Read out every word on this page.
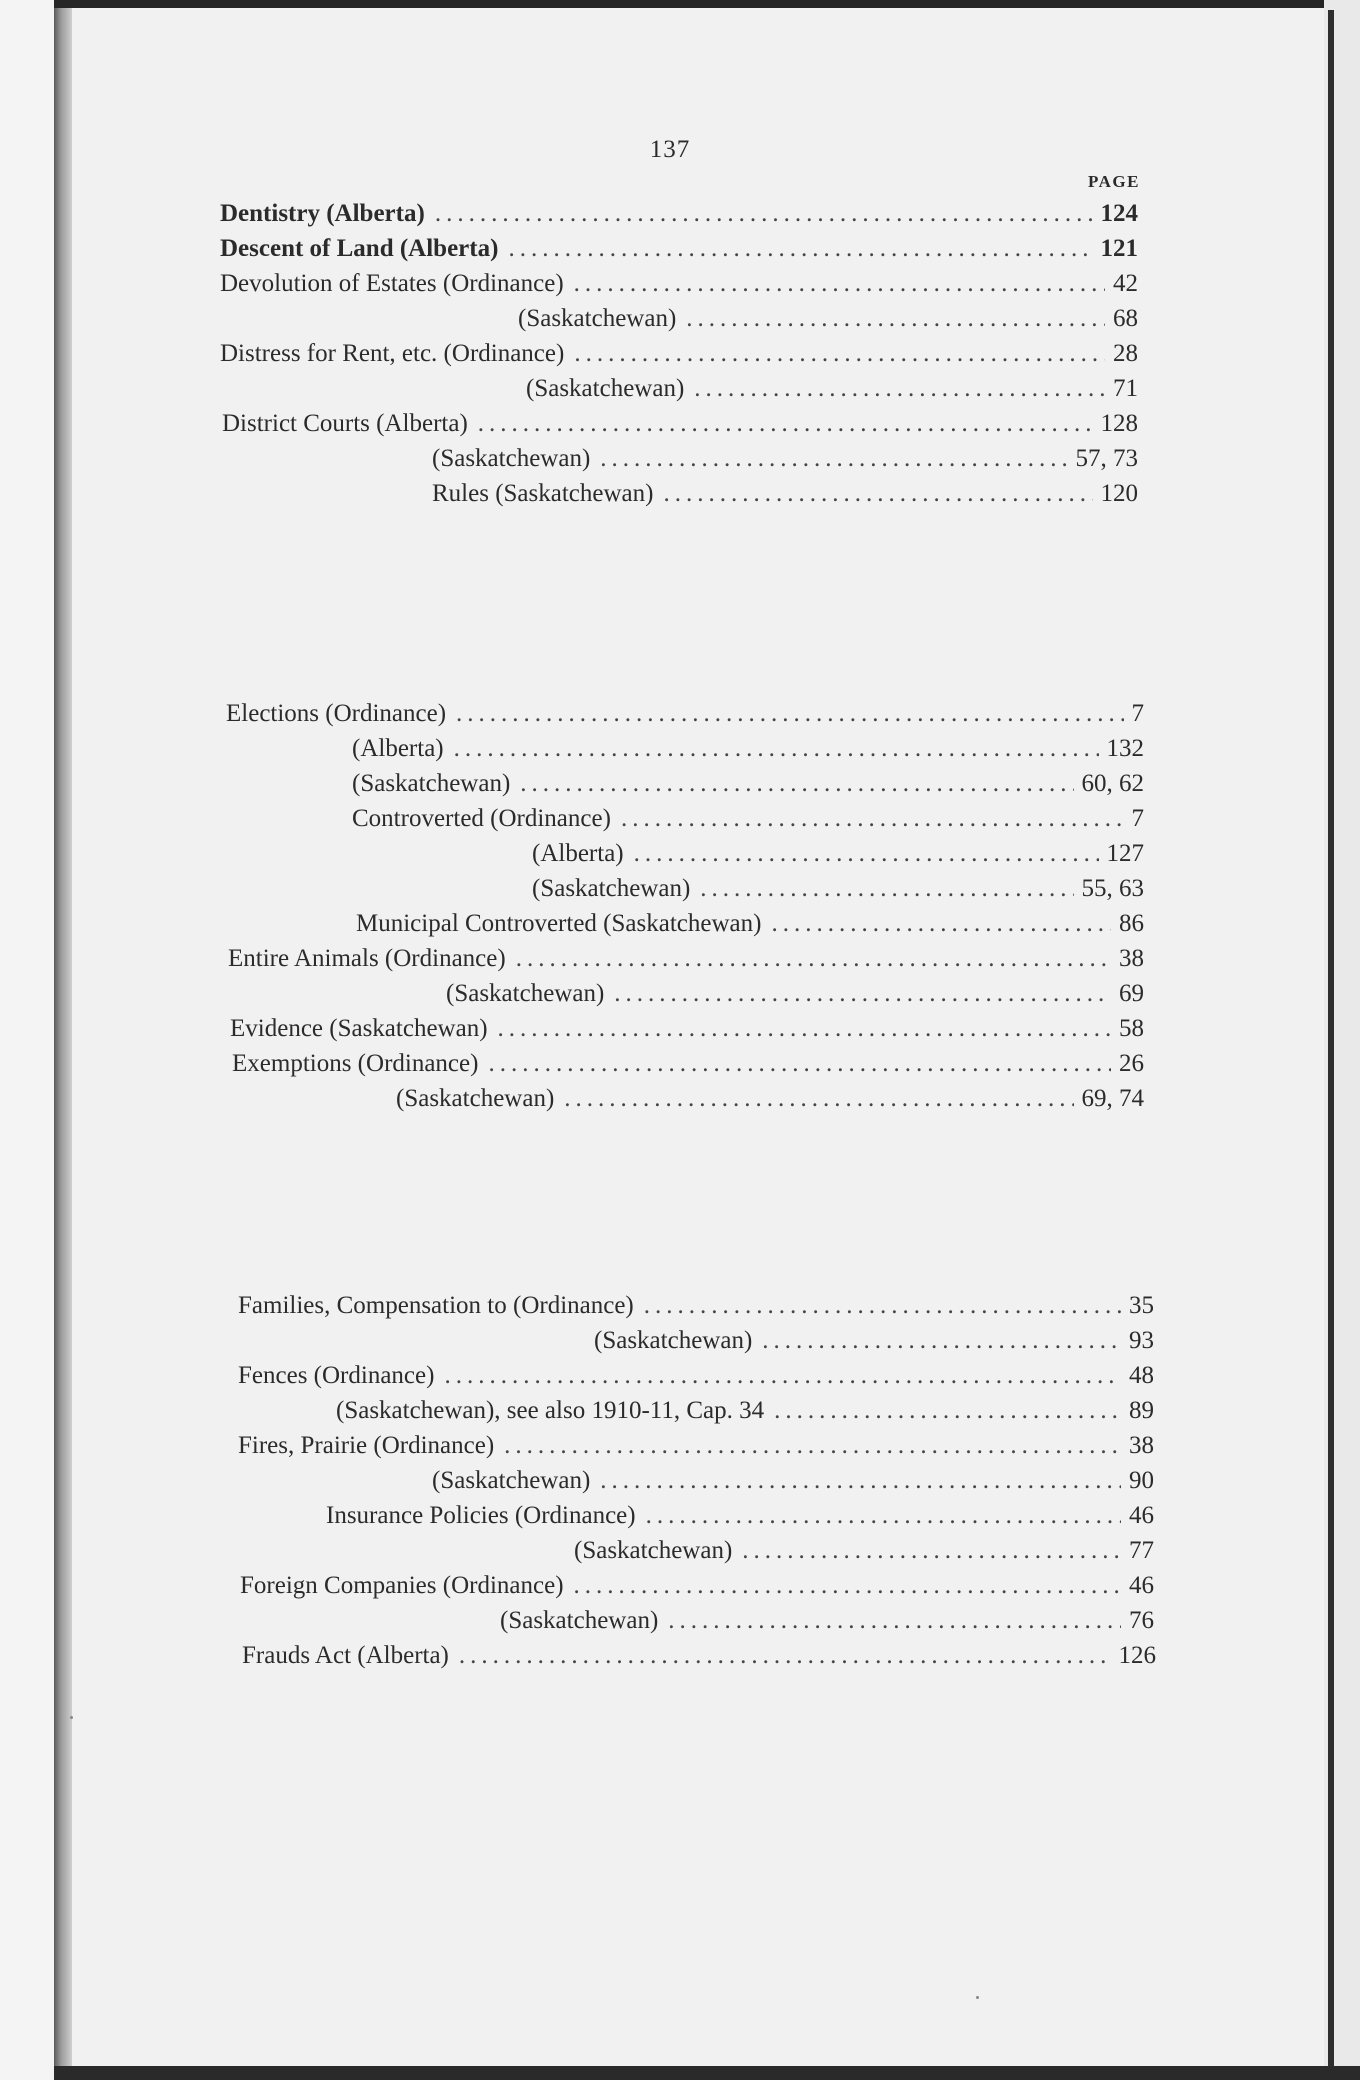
137
PAGE
Dentistry (Alberta) .....	124
Descent of Land (Alberta) .....	121
Devolution of Estates (Ordinance) .....	42
(Saskatchewan) .....	68
Distress for Rent, etc. (Ordinance) .....	28
(Saskatchewan) .....	71
District Courts (Alberta) .....	128
(Saskatchewan) .....	57, 73
Rules (Saskatchewan) .....	120
Elections (Ordinance) .....	7
(Alberta) .....	132
(Saskatchewan) .....	60, 62
Controverted (Ordinance) .....	7
(Alberta) .....	127
(Saskatchewan) .....	55, 63
Municipal Controverted (Saskatchewan) .....	86
Entire Animals (Ordinance) .....	38
(Saskatchewan) .....	69
Evidence (Saskatchewan) .....	58
Exemptions (Ordinance) .....	26
(Saskatchewan) .....	69, 74
Families, Compensation to (Ordinance) .....	35
(Saskatchewan) .....	93
Fences (Ordinance) .....	48
(Saskatchewan), see also 1910-11, Cap. 34 .....	89
Fires, Prairie (Ordinance) .....	38
(Saskatchewan) .....	90
Insurance Policies (Ordinance) .....	46
(Saskatchewan) .....	77
Foreign Companies (Ordinance) .....	46
(Saskatchewan) .....	76
Frauds Act (Alberta) .....	126
